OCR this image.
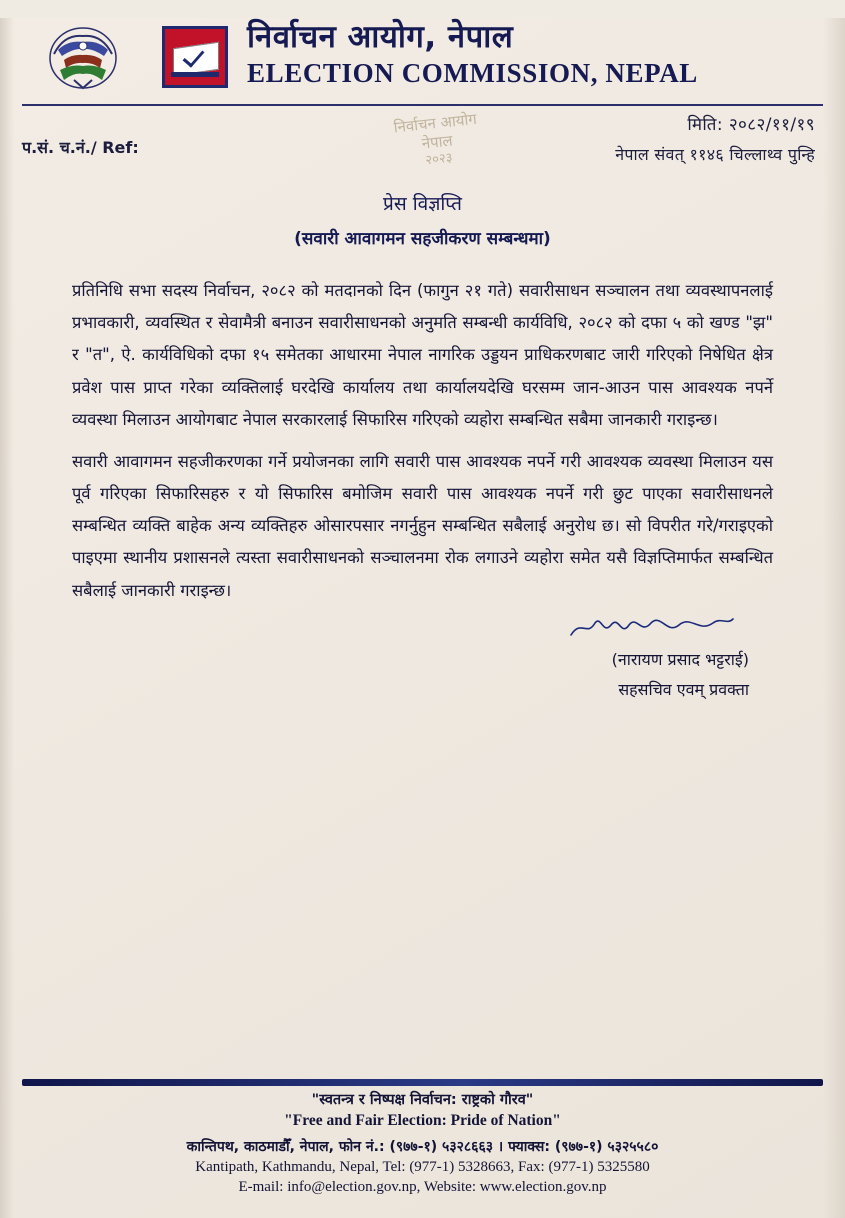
निर्वाचन आयोग, नेपाल
ELECTION COMMISSION, NEPAL
प.सं. च.नं./ Ref:
मिति: २०८२/११/१९
नेपाल संवत् ११४६ चिल्लाथ्व पुन्हि
निर्वाचन आयोग
नेपाल
२०२३
प्रेस विज्ञप्ति
(सवारी आवागमन सहजीकरण सम्बन्धमा)

प्रतिनिधि सभा सदस्य निर्वाचन, २०८२ को मतदानको दिन (फागुन २१ गते) सवारीसाधन सञ्चालन तथा व्यवस्थापनलाई प्रभावकारी, व्यवस्थित र सेवामैत्री बनाउन सवारीसाधनको अनुमति सम्बन्धी कार्यविधि, २०८२ को दफा ५ को खण्ड "झ" र "त", ऐ. कार्यविधिको दफा १५ समेतका आधारमा नेपाल नागरिक उड्डयन प्राधिकरणबाट जारी गरिएको निषेधित क्षेत्र प्रवेश पास प्राप्त गरेका व्यक्तिलाई घरदेखि कार्यालय तथा कार्यालयदेखि घरसम्म जान-आउन पास आवश्यक नपर्ने व्यवस्था मिलाउन आयोगबाट नेपाल सरकारलाई सिफारिस गरिएको व्यहोरा सम्बन्धित सबैमा जानकारी गराइन्छ।

सवारी आवागमन सहजीकरणका गर्ने प्रयोजनका लागि सवारी पास आवश्यक नपर्ने गरी आवश्यक व्यवस्था मिलाउन यस पूर्व गरिएका सिफारिसहरु र यो सिफारिस बमोजिम सवारी पास आवश्यक नपर्ने गरी छुट पाएका सवारीसाधनले सम्बन्धित व्यक्ति बाहेक अन्य व्यक्तिहरु ओसारपसार नगर्नुहुन सम्बन्धित सबैलाई अनुरोध छ। सो विपरीत गरे/गराइएको पाइएमा स्थानीय प्रशासनले त्यस्ता सवारीसाधनको सञ्चालनमा रोक लगाउने व्यहोरा समेत यसै विज्ञप्तिमार्फत सम्बन्धित सबैलाई जानकारी गराइन्छ।

(नारायण प्रसाद भट्टराई)
सहसचिव एवम् प्रवक्ता
"स्वतन्त्र र निष्पक्ष निर्वाचन: राष्ट्रको गौरव"
"Free and Fair Election: Pride of Nation"
कान्तिपथ, काठमाडौँ, नेपाल, फोन नं.: (९७७-१) ५३२८६६३ । फ्याक्स: (९७७-१) ५३२५५८०
Kantipath, Kathmandu, Nepal, Tel: (977-1) 5328663, Fax: (977-1) 5325580
E-mail: info@election.gov.np, Website: www.election.gov.np
